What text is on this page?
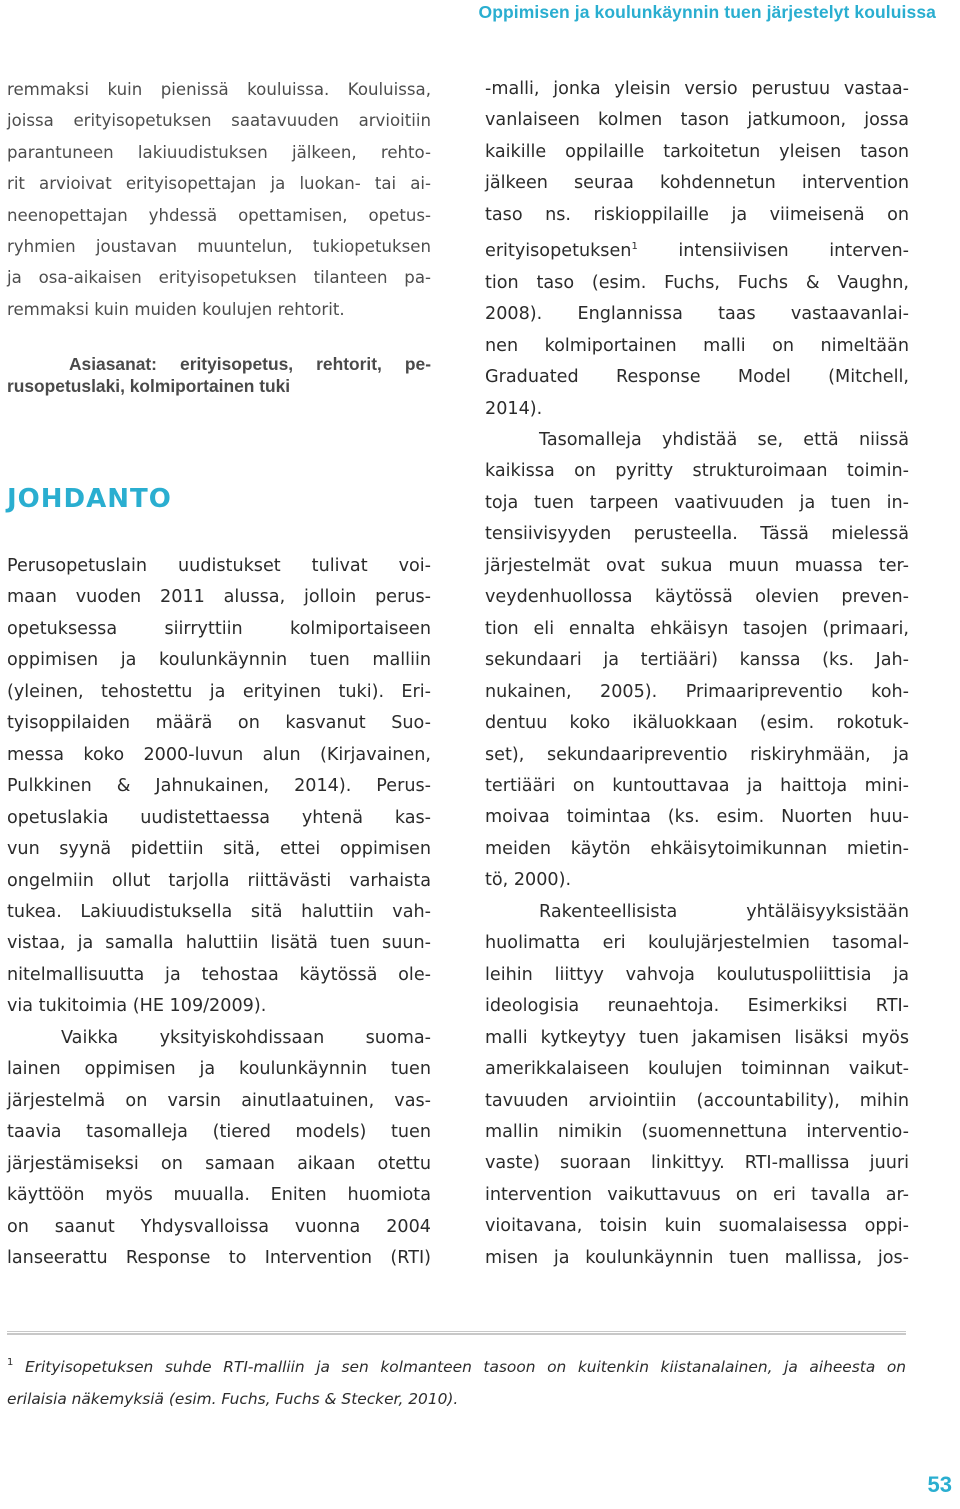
Oppimisen ja koulunkäynnin tuen järjestelyt kouluissa
remmaksi kuin pienissä kouluissa. Kouluissa,
joissa erityisopetuksen saatavuuden arvioitiin
parantuneen lakiuudistuksen jälkeen, rehto-
rit arvioivat erityisopettajan ja luokan- tai ai-
neenopettajan yhdessä opettamisen, opetus-
ryhmien joustavan muuntelun, tukiopetuksen
ja osa-aikaisen erityisopetuksen tilanteen pa-
remmaksi kuin muiden koulujen rehtorit.
Asiasanat: erityisopetus, rehtorit, pe-
rusopetuslaki, kolmiportainen tuki
JOHDANTO
Perusopetuslain uudistukset tulivat voi-
maan vuoden 2011 alussa, jolloin perus-
opetuksessa siirryttiin kolmiportaiseen
oppimisen ja koulunkäynnin tuen malliin
(yleinen, tehostettu ja erityinen tuki). Eri-
tyisoppilaiden määrä on kasvanut Suo-
messa koko 2000-luvun alun (Kirjavainen,
Pulkkinen & Jahnukainen, 2014). Perus-
opetuslakia uudistettaessa yhtenä kas-
vun syynä pidettiin sitä, ettei oppimisen
ongelmiin ollut tarjolla riittävästi varhaista
tukea. Lakiuudistuksella sitä haluttiin vah-
vistaa, ja samalla haluttiin lisätä tuen suun-
nitelmallisuutta ja tehostaa käytössä ole-
via tukitoimia (HE 109/2009).
Vaikka yksityiskohdissaan suoma-
lainen oppimisen ja koulunkäynnin tuen
järjestelmä on varsin ainutlaatuinen, vas-
taavia tasomalleja (tiered models) tuen
järjestämiseksi on samaan aikaan otettu
käyttöön myös muualla. Eniten huomiota
on saanut Yhdysvalloissa vuonna 2004
lanseerattu Response to Intervention (RTI)
-malli, jonka yleisin versio perustuu vastaa-
vanlaiseen kolmen tason jatkumoon, jossa
kaikille oppilaille tarkoitetun yleisen tason
jälkeen seuraa kohdennetun intervention
taso ns. riskioppilaille ja viimeisenä on
erityisopetuksen$^1$ intensiivisen interven-
tion taso (esim. Fuchs, Fuchs & Vaughn,
2008). Englannissa taas vastaavanlai-
nen kolmiportainen malli on nimeltään
Graduated Response Model (Mitchell,
2014).
Tasomalleja yhdistää se, että niissä
kaikissa on pyritty strukturoimaan toimin-
toja tuen tarpeen vaativuuden ja tuen in-
tensiivisyyden perusteella. Tässä mielessä
järjestelmät ovat sukua muun muassa ter-
veydenhuollossa käytössä olevien preven-
tion eli ennalta ehkäisyn tasojen (primaari,
sekundaari ja tertiääri) kanssa (ks. Jah-
nukainen, 2005). Primaaripreventio koh-
dentuu koko ikäluokkaan (esim. rokotuk-
set), sekundaaripreventio riskiryhmään, ja
tertiääri on kuntouttavaa ja haittoja mini-
moivaa toimintaa (ks. esim. Nuorten huu-
meiden käytön ehkäisytoimikunnan mietin-
tö, 2000).
Rakenteellisista yhtäläisyyksistään
huolimatta eri koulujärjestelmien tasomal-
leihin liittyy vahvoja koulutuspoliittisia ja
ideologisia reunaehtoja. Esimerkiksi RTI-
malli kytkeytyy tuen jakamisen lisäksi myös
amerikkalaiseen koulujen toiminnan vaikut-
tavuuden arviointiin (accountability), mihin
mallin nimikin (suomennettuna interventio-
vaste) suoraan linkittyy. RTI-mallissa juuri
intervention vaikuttavuus on eri tavalla ar-
vioitavana, toisin kuin suomalaisessa oppi-
misen ja koulunkäynnin tuen mallissa, jos-
$^1$ Erityisopetuksen suhde RTI-malliin ja sen kolmanteen tasoon on kuitenkin kiistanalainen, ja aiheesta on
erilaisia näkemyksiä (esim. Fuchs, Fuchs & Stecker, 2010).
53
